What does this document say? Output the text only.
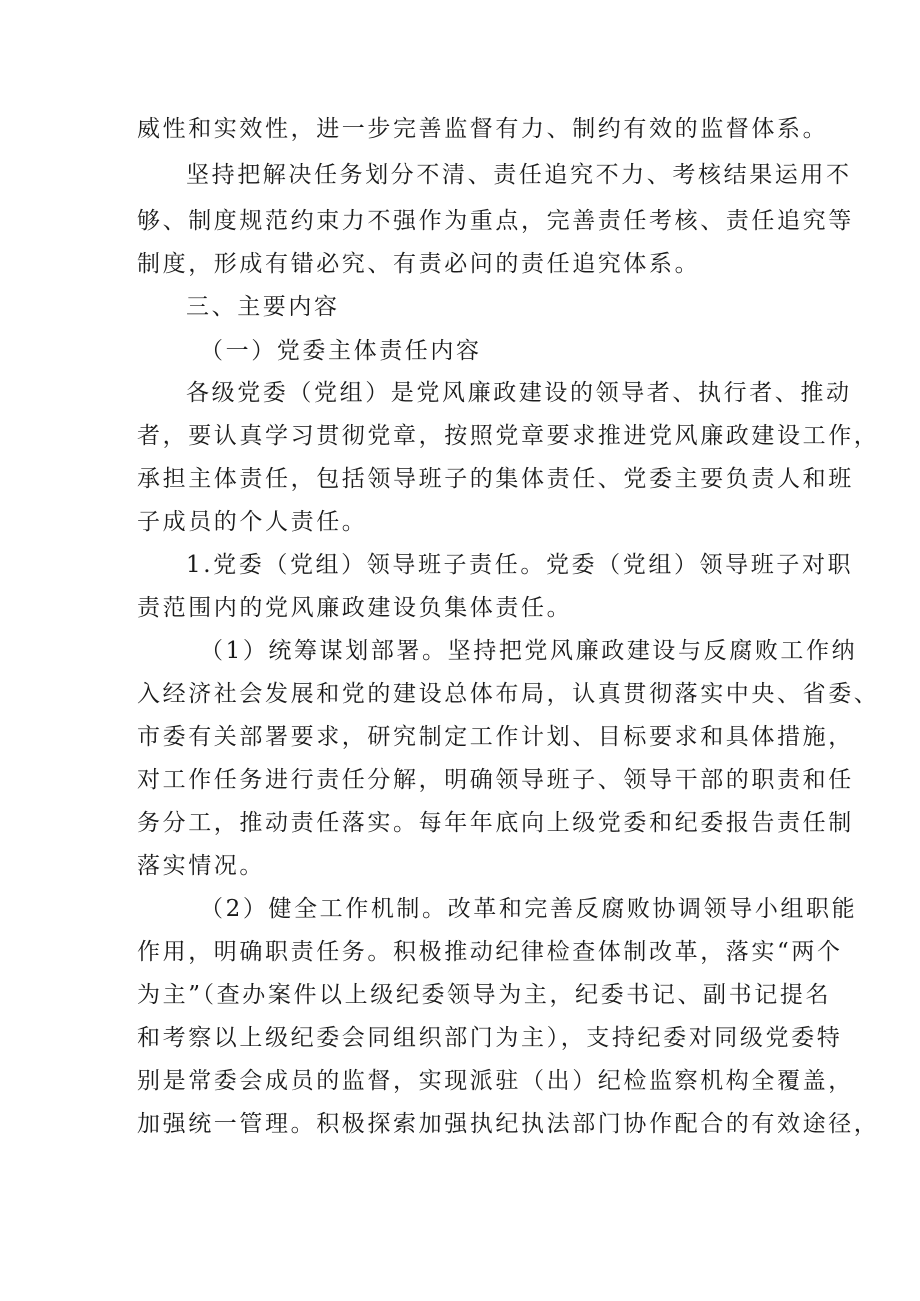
威性和实效性，进一步完善监督有力、制约有效的监督体系。
坚持把解决任务划分不清、责任追究不力、考核结果运用不
够、制度规范约束力不强作为重点，完善责任考核、责任追究等
制度，形成有错必究、有责必问的责任追究体系。
三、主要内容
（一）党委主体责任内容
各级党委（党组）是党风廉政建设的领导者、执行者、推动
者，要认真学习贯彻党章，按照党章要求推进党风廉政建设工作，
承担主体责任，包括领导班子的集体责任、党委主要负责人和班
子成员的个人责任。
1.党委（党组）领导班子责任。党委（党组）领导班子对职
责范围内的党风廉政建设负集体责任。
（1）统筹谋划部署。坚持把党风廉政建设与反腐败工作纳
入经济社会发展和党的建设总体布局，认真贯彻落实中央、省委、
市委有关部署要求，研究制定工作计划、目标要求和具体措施，
对工作任务进行责任分解，明确领导班子、领导干部的职责和任
务分工，推动责任落实。每年年底向上级党委和纪委报告责任制
落实情况。
（2）健全工作机制。改革和完善反腐败协调领导小组职能
作用，明确职责任务。积极推动纪律检查体制改革，落实“两个
为主”（查办案件以上级纪委领导为主，纪委书记、副书记提名
和考察以上级纪委会同组织部门为主），支持纪委对同级党委特
别是常委会成员的监督，实现派驻（出）纪检监察机构全覆盖，
加强统一管理。积极探索加强执纪执法部门协作配合的有效途径，
